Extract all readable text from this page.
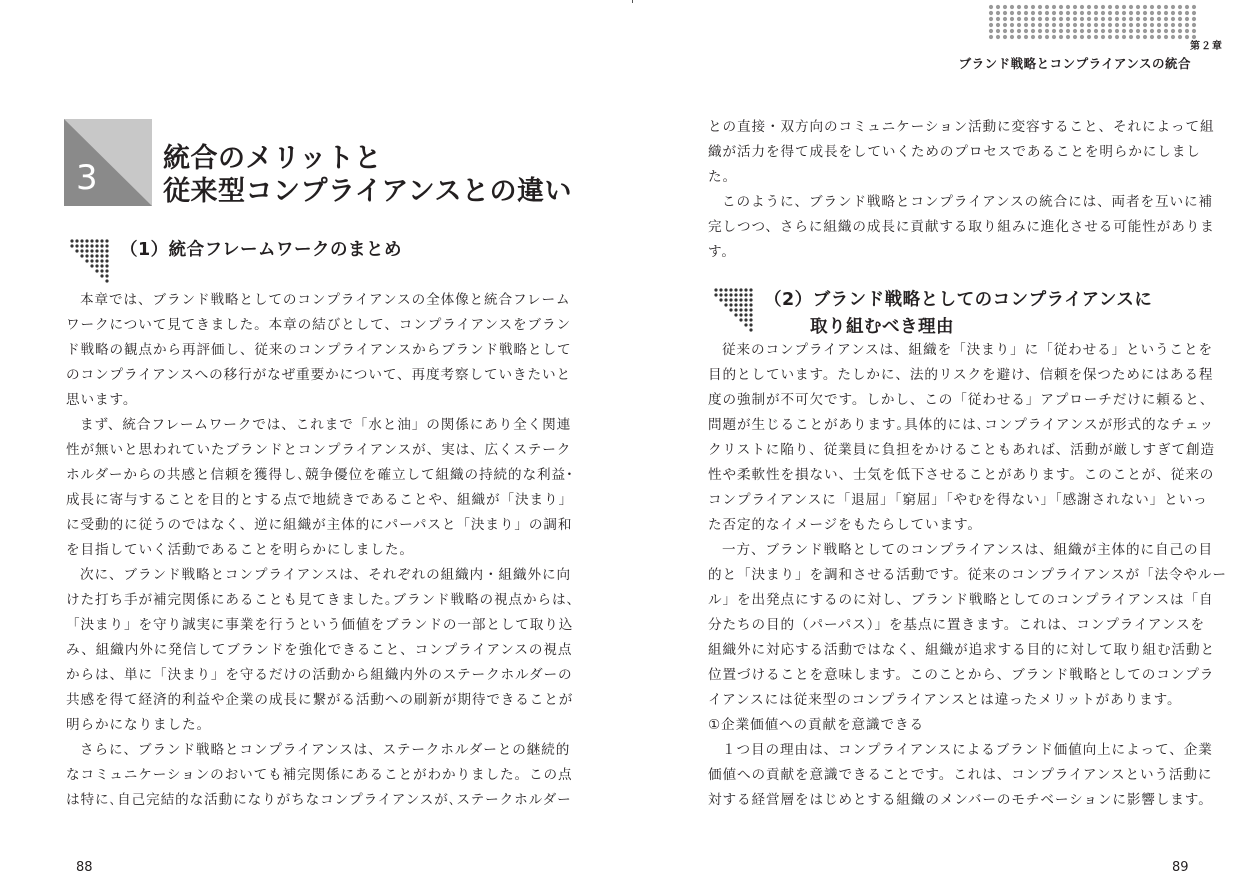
3 統合のメリットと
従来型コンプライアンスとの違い
（1）統合フレームワークのまとめ

本章では、ブランド戦略としてのコンプライアンスの全体像と統合フレーム

ワークについて見てきました。本章の結びとして、コンプライアンスをブラン

ド戦略の観点から再評価し、従来のコンプライアンスからブランド戦略として

のコンプライアンスへの移行がなぜ重要かについて、再度考察していきたいと

思います。

まず、統合フレームワークでは、これまで「水と油」の関係にあり全く関連

性が無いと思われていたブランドとコンプライアンスが、実は、広くステーク

ホルダーからの共感と信頼を獲得し､競争優位を確立して組織の持続的な利益･

成長に寄与することを目的とする点で地続きであることや、組織が「決まり」

に受動的に従うのではなく、逆に組織が主体的にパーパスと「決まり」の調和

を目指していく活動であることを明らかにしました。

次に、ブランド戦略とコンプライアンスは、それぞれの組織内・組織外に向

けた打ち手が補完関係にあることも見てきました｡ブランド戦略の視点からは、

「決まり」を守り誠実に事業を行うという価値をブランドの一部として取り込

み、組織内外に発信してブランドを強化できること、コンプライアンスの視点

からは、単に「決まり」を守るだけの活動から組織内外のステークホルダーの

共感を得て経済的利益や企業の成長に繋がる活動への刷新が期待できることが

明らかになりました。

さらに、ブランド戦略とコンプライアンスは、ステークホルダーとの継続的

なコミュニケーションのおいても補完関係にあることがわかりました。この点

は特に､自己完結的な活動になりがちなコンプライアンスが､ステークホルダー

88
第２章
ブランド戦略とコンプライアンスの統合

との直接・双方向のコミュニケーション活動に変容すること、それによって組

織が活力を得て成長をしていくためのプロセスであることを明らかにしまし

た。

このように、ブランド戦略とコンプライアンスの統合には、両者を互いに補

完しつつ、さらに組織の成長に貢献する取り組みに進化させる可能性がありま

す。

（2）ブランド戦略としてのコンプライアンスに
取り組むべき理由

従来のコンプライアンスは、組織を「決まり」に「従わせる」ということを

目的としています。たしかに、法的リスクを避け、信頼を保つためにはある程

度の強制が不可欠です。しかし、この「従わせる」アプローチだけに頼ると、

問題が生じることがあります｡具体的には､コンプライアンスが形式的なチェッ

クリストに陥り、従業員に負担をかけることもあれば、活動が厳しすぎて創造

性や柔軟性を損ない、士気を低下させることがあります。このことが、従来の

コンプライアンスに「退屈」「窮屈」「やむを得ない」「感謝されない」といっ

た否定的なイメージをもたらしています。

一方、ブランド戦略としてのコンプライアンスは、組織が主体的に自己の目

的と「決まり」を調和させる活動です。従来のコンプライアンスが「法令やルー

ル」を出発点にするのに対し、ブランド戦略としてのコンプライアンスは「自

分たちの目的（パーパス）」を基点に置きます。これは、コンプライアンスを

組織外に対応する活動ではなく、組織が追求する目的に対して取り組む活動と

位置づけることを意味します。このことから、ブランド戦略としてのコンプラ

イアンスには従来型のコンプライアンスとは違ったメリットがあります。

①企業価値への貢献を意識できる

１つ目の理由は、コンプライアンスによるブランド価値向上によって、企業

価値への貢献を意識できることです。これは、コンプライアンスという活動に

対する経営層をはじめとする組織のメンバーのモチベーションに影響します。

89
